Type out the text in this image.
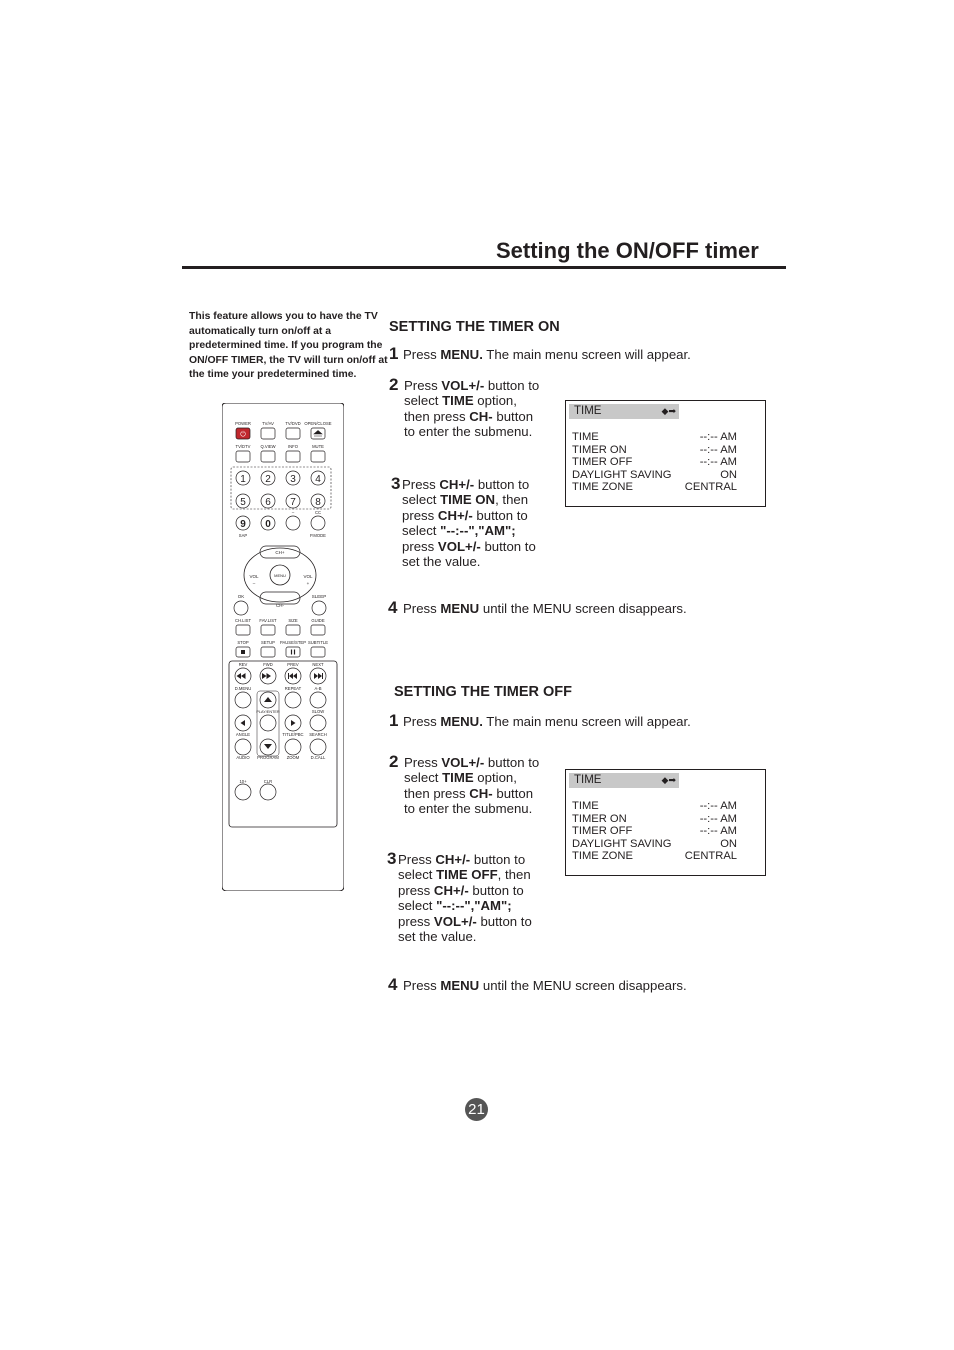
Setting the ON/OFF timer
This feature allows you to have the TV automatically turn on/off at a predetermined time. If you program the ON/OFF TIMER, the TV will turn on/off at the time your predetermined time.
POWER	TV/AV	TV/DVD OPEN/CLOSE
TV/DTV Q.VIEW	INFO	MUTE
⏻
1 2 3 4
5 6 7 8
9 0
–	CC
SAP	P.MODE
CH+
CH-
MENU
VOL	VOL
–	+
OK	SLEEP
CH.LIST FAV.LIST	SIZE	GUIDE
STOP	SETUP PAUSE/STEP SUBTITLE
REV	FWD	PREV	NEXT
D.MENU	REPEAT	A-B
PLAY/ENTER	SLOW
ANGLE	TITLE/PBC SEARCH
AUDIO PROGRAM ZOOM	D.CALL
10+	CLR
SETTING THE TIMER ON
1 Press MENU. The main menu screen will appear.
2 Press VOL+/- button to
select TIME option,
then press CH- button
to enter the submenu.
TIME	◆➡
TIME	--:-- AM
TIMER ON	--:-- AM
TIMER OFF	--:-- AM
DAYLIGHT SAVING	ON
TIME ZONE	CENTRAL
3 Press CH+/- button to
select TIME ON, then
press CH+/- button to
select "--:--","AM";
press VOL+/- button to
set the value.
4 Press MENU until the MENU screen disappears.
SETTING THE TIMER OFF
1 Press MENU. The main menu screen will appear.
2 Press VOL+/- button to
select TIME option,
then press CH- button
to enter the submenu.
TIME	◆➡
TIME	--:-- AM
TIMER ON	--:-- AM
TIMER OFF	--:-- AM
DAYLIGHT SAVING	ON
TIME ZONE	CENTRAL
3 Press CH+/- button to
select TIME OFF, then
press CH+/- button to
select "--:--","AM";
press VOL+/- button to
set the value.
4 Press MENU until the MENU screen disappears.
21
